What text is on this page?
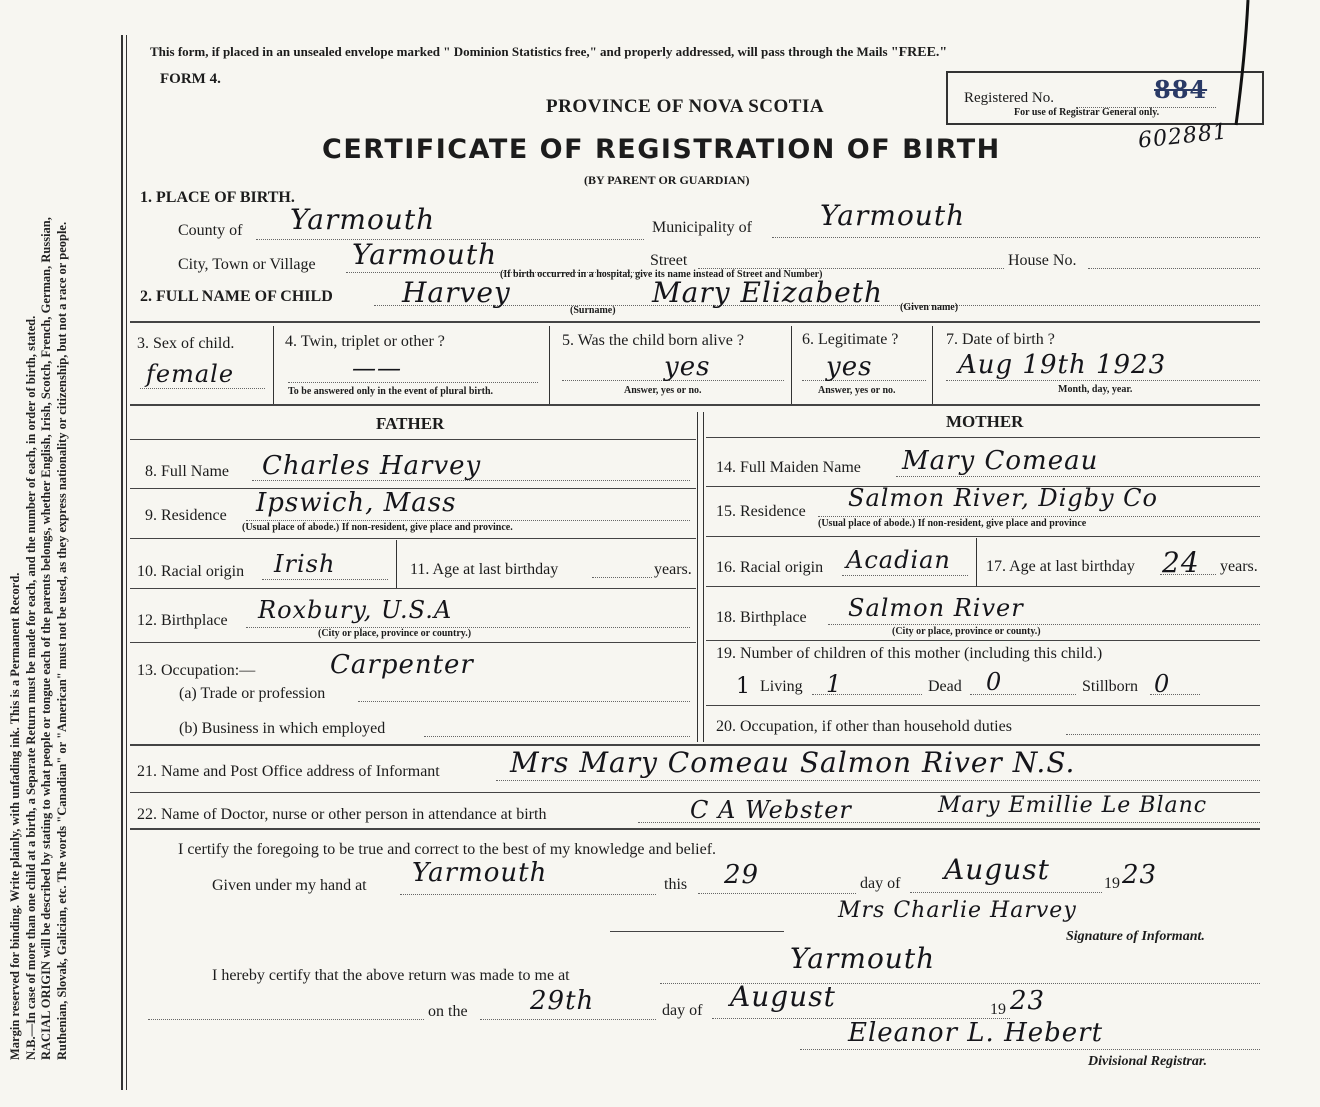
Margin reserved for binding. Write plainly, with unfading ink. This is a Permanent Record. N.B.—In case of more than one child at a birth, a Separate Return must be made for each, and the number of each, in order of birth, stated. RACIAL ORIGIN will be described by stating to what people or tongue each of the parents belongs, whether English, Irish, Scotch, French, German, Russian, Ruthenian, Slovak, Galician, etc. The words "Canadian" or "American" must not be used, as they express nationality or citizenship, but not a race or people.
This form, if placed in an unsealed envelope marked " Dominion Statistics free," and properly addressed, will pass through the Mails "FREE."
FORM 4.
PROVINCE OF NOVA SCOTIA
CERTIFICATE OF REGISTRATION OF BIRTH
(BY PARENT OR GUARDIAN)
Registered No.	884
For use of Registrar General only.
602881
1. PLACE OF BIRTH.
County of Yarmouth	Municipality of Yarmouth
City, Town or Village Yarmouth	Street	House No.
(If birth occurred in a hospital, give its name instead of Street and Number)
2. FULL NAME OF CHILD Harvey	Mary Elizabeth
(Surname)	(Given name)
3. Sex of child.
female
4. Twin, triplet or other ?
——
To be answered only in the event of plural birth.
5. Was the child born alive ?
yes
Answer, yes or no.
6. Legitimate ?
yes
Answer, yes or no.
7. Date of birth ?
Aug 19th 1923
Month, day, year.
FATHER	MOTHER
8. Full Name Charles Harvey	14. Full Maiden Name Mary Comeau
9. Residence Ipswich, Mass
(Usual place of abode.) If non-resident, give place and province.
15. Residence Salmon River, Digby Co
(Usual place of abode.) If non-resident, give place and province
10. Racial origin Irish	11. Age at last birthday	years. 16. Racial origin Acadian 17. Age at last birthday 24 years.
12. Birthplace Roxbury, U.S.A
(City or place, province or country.)
18. Birthplace Salmon River
(City or place, province or county.)
13. Occupation:—	Carpenter
(a) Trade or profession
(b) Business in which employed
19. Number of children of this mother (including this child.)
1 Living 1	Dead 0	Stillborn 0
20. Occupation, if other than household duties
21. Name and Post Office address of Informant	Mrs Mary Comeau Salmon River N.S.
22. Name of Doctor, nurse or other person in attendance at birth	C A Webster	Mary Emillie Le Blanc
I certify the foregoing to be true and correct to the best of my knowledge and belief.
Given under my hand at Yarmouth	this 29	day of August	19 23
Mrs Charlie Harvey
Signature of Informant.
I hereby certify that the above return was made to me at
Yarmouth
on the 29th	day of August	19 23
Eleanor L. Hebert
Divisional Registrar.
